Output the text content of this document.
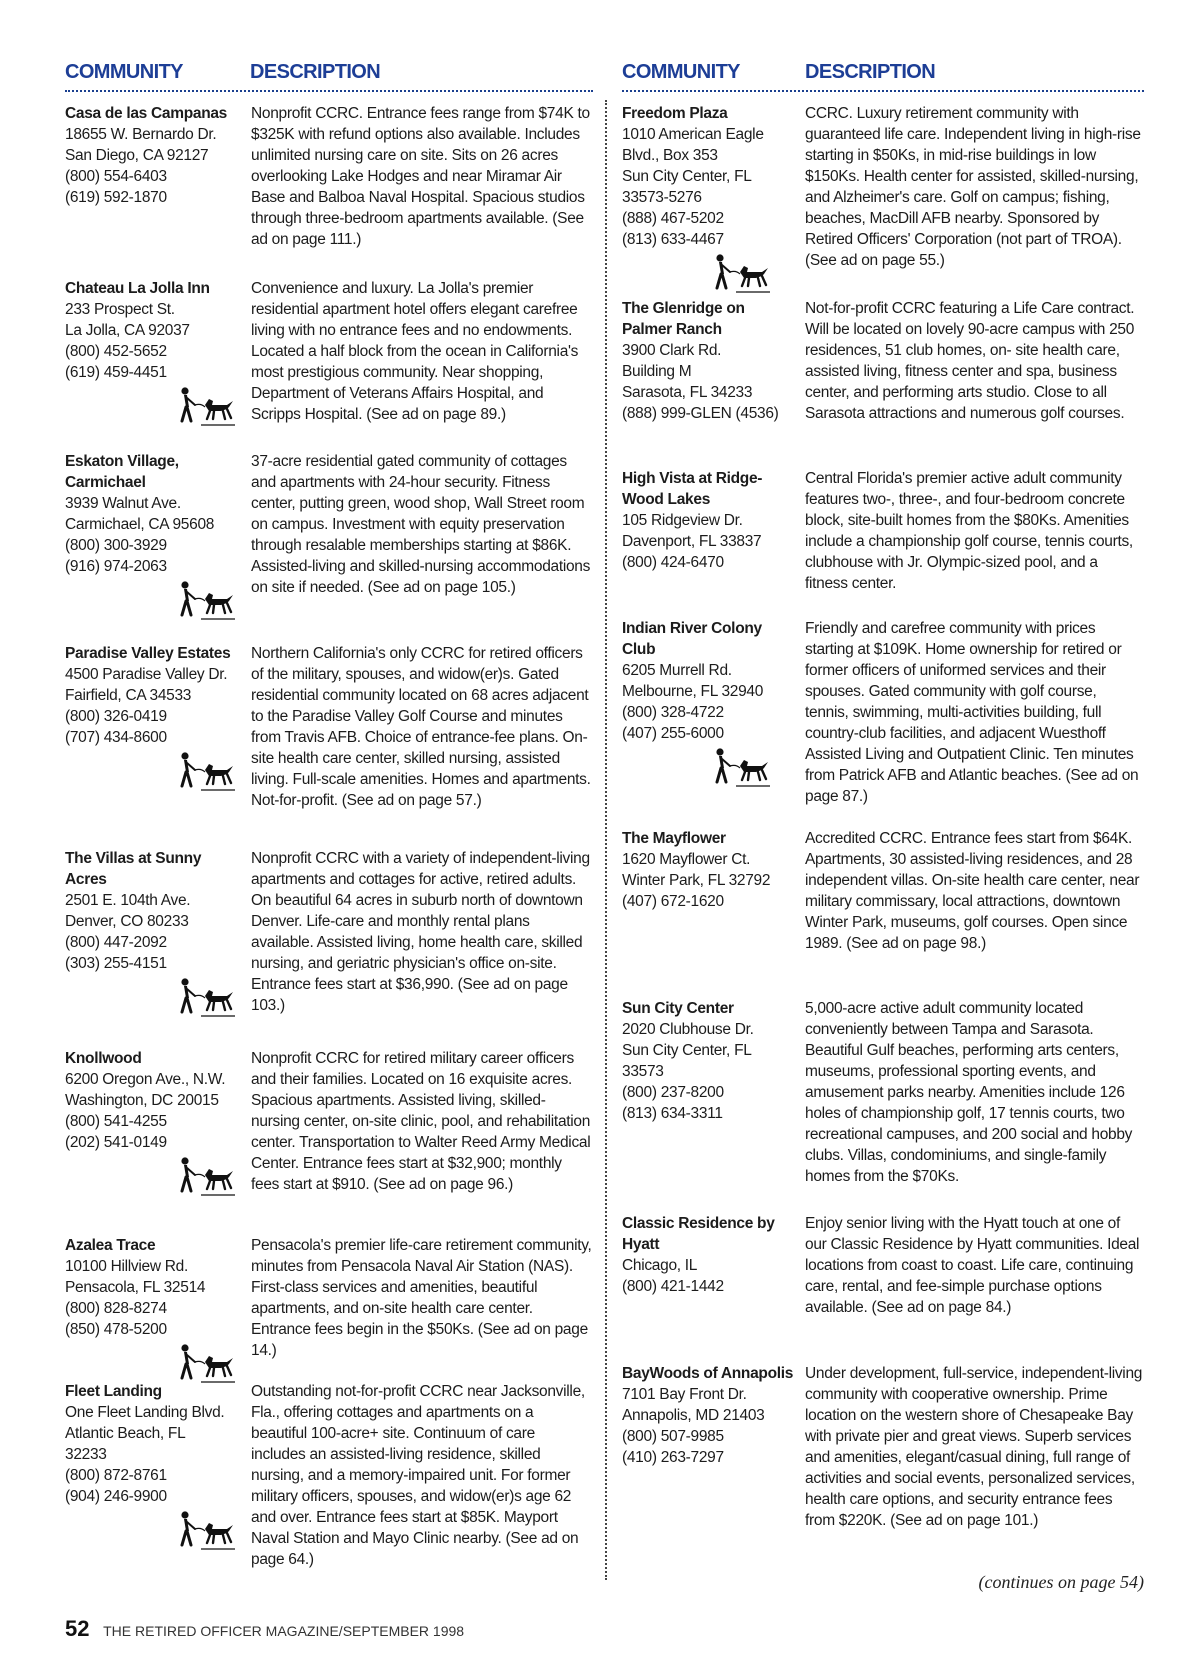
COMMUNITY	DESCRIPTION
Casa de las Campanas
18655 W. Bernardo Dr.
San Diego, CA 92127
(800) 554-6403
(619) 592-1870
Nonprofit CCRC. Entrance fees range from $74K to $325K with refund options also available. Includes unlimited nursing care on site. Sits on 26 acres overlooking Lake Hodges and near Miramar Air Base and Balboa Naval Hospital. Spacious studios through three-bedroom apartments available. (See ad on page 111.)
Chateau La Jolla Inn
233 Prospect St.
La Jolla, CA 92037
(800) 452-5652
(619) 459-4451
Convenience and luxury. La Jolla's premier residential apartment hotel offers elegant carefree living with no entrance fees and no endowments. Located a half block from the ocean in California's most prestigious community. Near shopping, Department of Veterans Affairs Hospital, and Scripps Hospital. (See ad on page 89.)
Eskaton Village,
Carmichael
3939 Walnut Ave.
Carmichael, CA 95608
(800) 300-3929
(916) 974-2063
37-acre residential gated community of cottages and apartments with 24-hour security. Fitness center, putting green, wood shop, Wall Street room on campus. Investment with equity preservation through resalable memberships starting at $86K. Assisted-living and skilled-nursing accommodations on site if needed. (See ad on page 105.)
Paradise Valley Estates
4500 Paradise Valley Dr.
Fairfield, CA 34533
(800) 326-0419
(707) 434-8600
Northern California's only CCRC for retired officers of the military, spouses, and widow(er)s. Gated residential community located on 68 acres adjacent to the Paradise Valley Golf Course and minutes from Travis AFB. Choice of entrance-fee plans. On-site health care center, skilled nursing, assisted living. Full-scale amenities. Homes and apartments. Not-for-profit. (See ad on page 57.)
The Villas at Sunny
Acres
2501 E. 104th Ave.
Denver, CO 80233
(800) 447-2092
(303) 255-4151
Nonprofit CCRC with a variety of independent-living apartments and cottages for active, retired adults. On beautiful 64 acres in suburb north of downtown Denver. Life-care and monthly rental plans available. Assisted living, home health care, skilled nursing, and geriatric physician's office on-site. Entrance fees start at $36,990. (See ad on page 103.)
Knollwood
6200 Oregon Ave., N.W.
Washington, DC 20015
(800) 541-4255
(202) 541-0149
Nonprofit CCRC for retired military career officers and their families. Located on 16 exquisite acres. Spacious apartments. Assisted living, skilled-nursing center, on-site clinic, pool, and rehabilitation center. Transportation to Walter Reed Army Medical Center. Entrance fees start at $32,900; monthly fees start at $910. (See ad on page 96.)
Azalea Trace
10100 Hillview Rd.
Pensacola, FL 32514
(800) 828-8274
(850) 478-5200
Pensacola's premier life-care retirement community, minutes from Pensacola Naval Air Station (NAS). First-class services and amenities, beautiful apartments, and on-site health care center. Entrance fees begin in the $50Ks. (See ad on page 14.)
Fleet Landing
One Fleet Landing Blvd.
Atlantic Beach, FL
32233
(800) 872-8761
(904) 246-9900
Outstanding not-for-profit CCRC near Jacksonville, Fla., offering cottages and apartments on a beautiful 100-acre+ site. Continuum of care includes an assisted-living residence, skilled nursing, and a memory-impaired unit. For former military officers, spouses, and widow(er)s age 62 and over. Entrance fees start at $85K. Mayport Naval Station and Mayo Clinic nearby. (See ad on page 64.)
COMMUNITY	DESCRIPTION
Freedom Plaza
1010 American Eagle
Blvd., Box 353
Sun City Center, FL
33573-5276
(888) 467-5202
(813) 633-4467
CCRC. Luxury retirement community with guaranteed life care. Independent living in high-rise starting in $50Ks, in mid-rise buildings in low $150Ks. Health center for assisted, skilled-nursing, and Alzheimer's care. Golf on campus; fishing, beaches, MacDill AFB nearby. Sponsored by Retired Officers' Corporation (not part of TROA). (See ad on page 55.)
The Glenridge on
Palmer Ranch
3900 Clark Rd.
Building M
Sarasota, FL 34233
(888) 999-GLEN (4536)
Not-for-profit CCRC featuring a Life Care contract. Will be located on lovely 90-acre campus with 250 residences, 51 club homes, on- site health care, assisted living, fitness center and spa, business center, and performing arts studio. Close to all Sarasota attractions and numerous golf courses.
High Vista at Ridge-
Wood Lakes
105 Ridgeview Dr.
Davenport, FL 33837
(800) 424-6470
Central Florida's premier active adult community features two-, three-, and four-bedroom concrete block, site-built homes from the $80Ks. Amenities include a championship golf course, tennis courts, clubhouse with Jr. Olympic-sized pool, and a fitness center.
Indian River Colony
Club
6205 Murrell Rd.
Melbourne, FL 32940
(800) 328-4722
(407) 255-6000
Friendly and carefree community with prices starting at $109K. Home ownership for retired or former officers of uniformed services and their spouses. Gated community with golf course, tennis, swimming, multi-activities building, full country-club facilities, and adjacent Wuesthoff Assisted Living and Outpatient Clinic. Ten minutes from Patrick AFB and Atlantic beaches. (See ad on page 87.)
The Mayflower
1620 Mayflower Ct.
Winter Park, FL 32792
(407) 672-1620
Accredited CCRC. Entrance fees start from $64K. Apartments, 30 assisted-living residences, and 28 independent villas. On-site health care center, near military commissary, local attractions, downtown Winter Park, museums, golf courses. Open since 1989. (See ad on page 98.)
Sun City Center
2020 Clubhouse Dr.
Sun City Center, FL
33573
(800) 237-8200
(813) 634-3311
5,000-acre active adult community located conveniently between Tampa and Sarasota. Beautiful Gulf beaches, performing arts centers, museums, professional sporting events, and amusement parks nearby. Amenities include 126 holes of championship golf, 17 tennis courts, two recreational campuses, and 200 social and hobby clubs. Villas, condominiums, and single-family homes from the $70Ks.
Classic Residence by
Hyatt
Chicago, IL
(800) 421-1442
Enjoy senior living with the Hyatt touch at one of our Classic Residence by Hyatt communities. Ideal locations from coast to coast. Life care, continuing care, rental, and fee-simple purchase options available. (See ad on page 84.)
BayWoods of Annapolis
7101 Bay Front Dr.
Annapolis, MD 21403
(800) 507-9985
(410) 263-7297
Under development, full-service, independent-living community with cooperative ownership. Prime location on the western shore of Chesapeake Bay with private pier and great views. Superb services and amenities, elegant/casual dining, full range of activities and social events, personalized services, health care options, and security entrance fees from $220K. (See ad on page 101.)
(continues on page 54)
52 THE RETIRED OFFICER MAGAZINE/SEPTEMBER 1998
